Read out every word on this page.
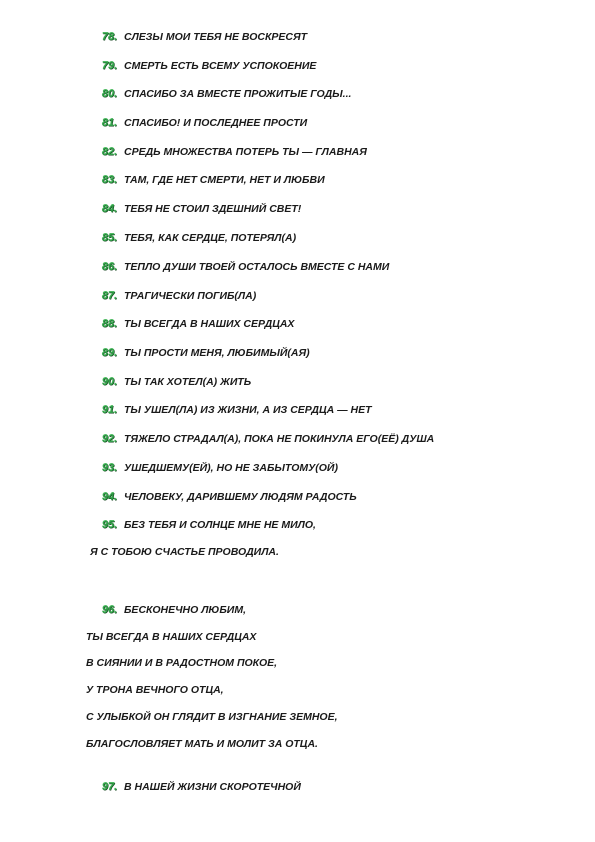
78. СЛЕЗЫ МОИ ТЕБЯ НЕ ВОСКРЕСЯТ
79. СМЕРТЬ ЕСТЬ ВСЕМУ УСПОКОЕНИЕ
80. СПАСИБО ЗА ВМЕСТЕ ПРОЖИТЫЕ ГОДЫ...
81. СПАСИБО! И ПОСЛЕДНЕЕ ПРОСТИ
82. СРЕДЬ МНОЖЕСТВА ПОТЕРЬ ТЫ — ГЛАВНАЯ
83. ТАМ, ГДЕ НЕТ СМЕРТИ, НЕТ И ЛЮБВИ
84. ТЕБЯ НЕ СТОИЛ ЗДЕШНИЙ СВЕТ!
85. ТЕБЯ, КАК СЕРДЦЕ, ПОТЕРЯЛ(А)
86. ТЕПЛО ДУШИ ТВОЕЙ ОСТАЛОСЬ ВМЕСТЕ С НАМИ
87. ТРАГИЧЕСКИ ПОГИБ(ЛА)
88. ТЫ ВСЕГДА В НАШИХ СЕРДЦАХ
89. ТЫ ПРОСТИ МЕНЯ, ЛЮБИМЫЙ(АЯ)
90. ТЫ ТАК ХОТЕЛ(А) ЖИТЬ
91. ТЫ УШЕЛ(ЛА) ИЗ ЖИЗНИ, А ИЗ СЕРДЦА — НЕТ
92. ТЯЖЕЛО СТРАДАЛ(А), ПОКА НЕ ПОКИНУЛА ЕГО(ЕЁ) ДУША
93. УШЕДШЕМУ(ЕЙ), НО НЕ ЗАБЫТОМУ(ОЙ)
94. ЧЕЛОВЕКУ, ДАРИВШЕМУ ЛЮДЯМ РАДОСТЬ
95. БЕЗ ТЕБЯ И СОЛНЦЕ МНЕ НЕ МИЛО,
Я С ТОБОЮ СЧАСТЬЕ ПРОВОДИЛА.
96. БЕСКОНЕЧНО ЛЮБИМ,
ТЫ ВСЕГДА В НАШИХ СЕРДЦАХ
В СИЯНИИ И В РАДОСТНОМ ПОКОЕ,
У ТРОНА ВЕЧНОГО ОТЦА,
С УЛЫБКОЙ ОН ГЛЯДИТ В ИЗГНАНИЕ ЗЕМНОЕ,
БЛАГОСЛОВЛЯЕТ МАТЬ И МОЛИТ ЗА ОТЦА.
97. В НАШЕЙ ЖИЗНИ СКОРОТЕЧНОЙ
